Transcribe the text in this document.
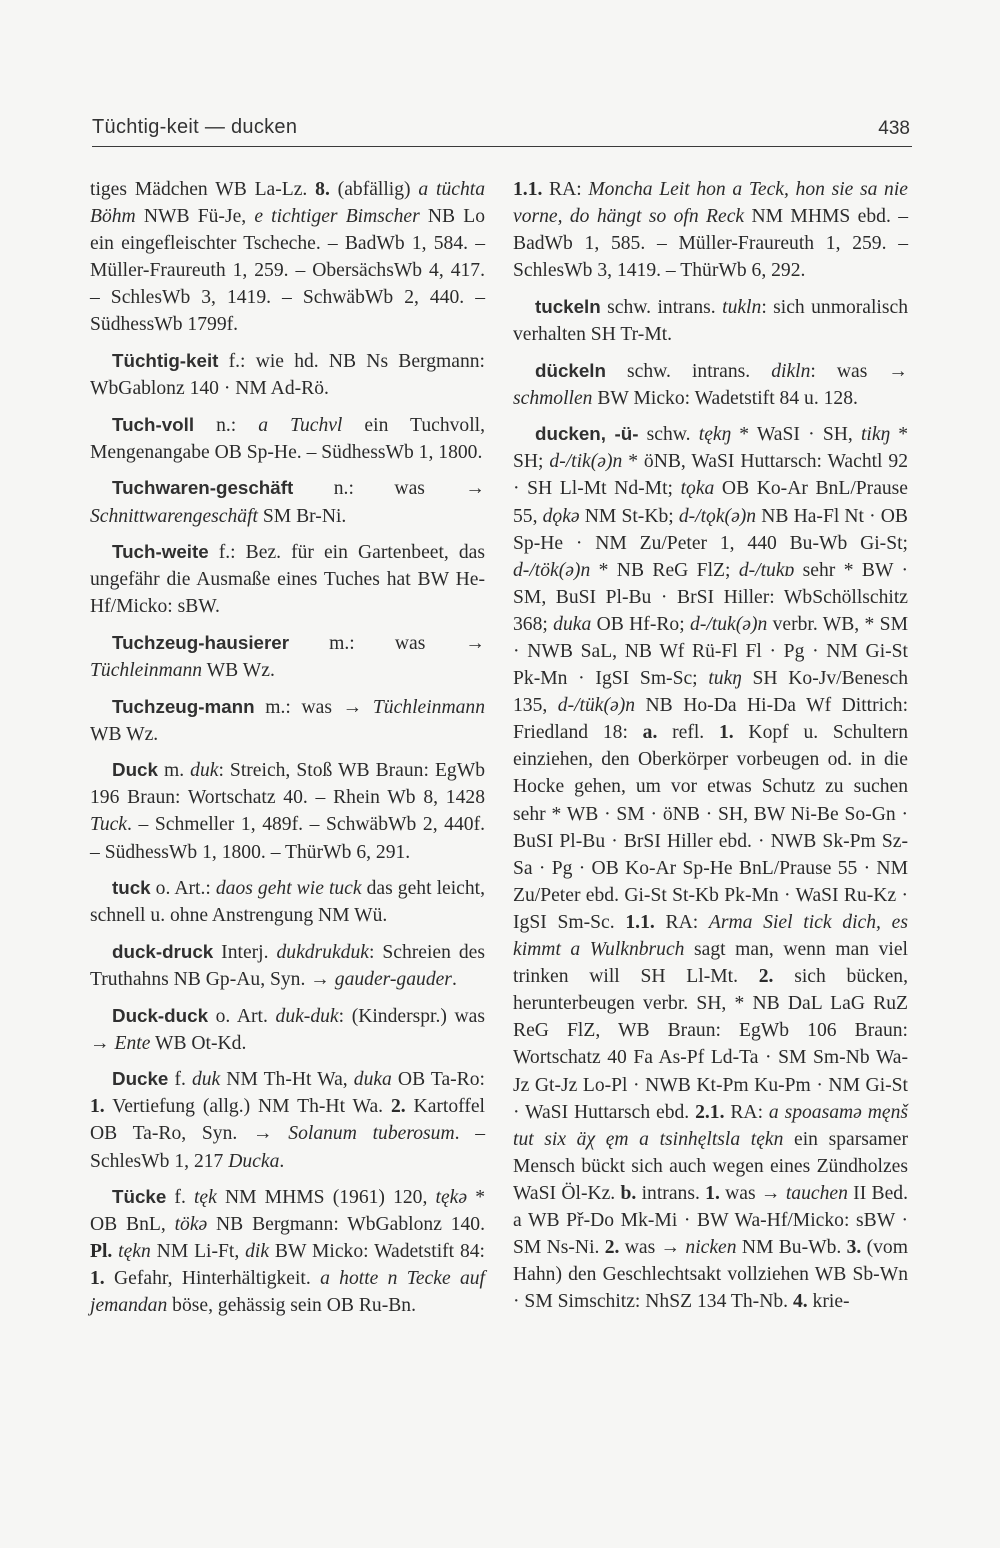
Tüchtig-keit — ducken	438

tiges Mädchen WB La-Lz. 8. (abfällig) a tüchta Böhm NWB Fü-Je, e tichtiger Bimscher NB Lo ein eingefleischter Tscheche. – BadWb 1, 584. – Müller-Fraureuth 1, 259. – ObersächsWb 4, 417. – SchlesWb 3, 1419. – SchwäbWb 2, 440. – SüdhessWb 1799f.

Tüchtig-keit f.: wie hd. NB Ns Bergmann: WbGablonz 140 · NM Ad-Rö.

Tuch-voll n.: a Tuchvl ein Tuchvoll, Mengenangabe OB Sp-He. – SüdhessWb 1, 1800.

Tuchwaren-geschäft n.: was → Schnittwarengeschäft SM Br-Ni.

Tuch-weite f.: Bez. für ein Gartenbeet, das ungefähr die Ausmaße eines Tuches hat BW He-Hf/Micko: sBW.

Tuchzeug-hausierer m.: was → Tüchleinmann WB Wz.

Tuchzeug-mann m.: was → Tüchleinmann WB Wz.

Duck m. duk: Streich, Stoß WB Braun: EgWb 196 Braun: Wortschatz 40. – Rhein Wb 8, 1428 Tuck. – Schmeller 1, 489f. – SchwäbWb 2, 440f. – SüdhessWb 1, 1800. – ThürWb 6, 291.

tuck o. Art.: daos geht wie tuck das geht leicht, schnell u. ohne Anstrengung NM Wü.

duck-druck Interj. dukdrukduk: Schreien des Truthahns NB Gp-Au, Syn. → gauder-gauder.

Duck-duck o. Art. duk-duk: (Kinderspr.) was → Ente WB Ot-Kd.

Ducke f. duk NM Th-Ht Wa, duka OB Ta-Ro: 1. Vertiefung (allg.) NM Th-Ht Wa. 2. Kartoffel OB Ta-Ro, Syn. → Solanum tuberosum. – SchlesWb 1, 217 Ducka.

Tücke f. tęk NM MHMS (1961) 120, tękə * OB BnL, tökə NB Bergmann: WbGablonz 140. Pl. tękn NM Li-Ft, dik BW Micko: Wadetstift 84: 1. Gefahr, Hinterhältigkeit. a hotte n Tecke auf jemandan böse, gehässig sein OB Ru-Bn.

1.1. RA: Moncha Leit hon a Teck, hon sie sa nie vorne, do hängt so ofn Reck NM MHMS ebd. – BadWb 1, 585. – Müller-Fraureuth 1, 259. – SchlesWb 3, 1419. – ThürWb 6, 292.

tuckeln schw. intrans. tukln: sich unmoralisch verhalten SH Tr-Mt.

dückeln schw. intrans. dikln: was → schmollen BW Micko: Wadetstift 84 u. 128.

ducken, -ü- schw. tękŋ * WaSI · SH, tikŋ * SH; d-/tik(ə)n * öNB, WaSI Huttarsch: Wachtl 92 · SH Ll-Mt Nd-Mt; tǫka OB Ko-Ar BnL/Prause 55, dǫkə NM St-Kb; d-/tǫk(ə)n NB Ha-Fl Nt · OB Sp-He · NM Zu/Peter 1, 440 Bu-Wb Gi-St; d-/tök(ə)n * NB ReG FlZ; d-/tukɒ sehr * BW · SM, BuSI Pl-Bu · BrSI Hiller: WbSchöllschitz 368; duka OB Hf-Ro; d-/tuk(ə)n verbr. WB, * SM · NWB SaL, NB Wf Rü-Fl Fl · Pg · NM Gi-St Pk-Mn · IgSI Sm-Sc; tukŋ SH Ko-Jv/Benesch 135, d-/tük(ə)n NB Ho-Da Hi-Da Wf Dittrich: Friedland 18: a. refl. 1. Kopf u. Schultern einziehen, den Oberkörper vorbeugen od. in die Hocke gehen, um vor etwas Schutz zu suchen sehr * WB · SM · öNB · SH, BW Ni-Be So-Gn · BuSI Pl-Bu · BrSI Hiller ebd. · NWB Sk-Pm Sz-Sa · Pg · OB Ko-Ar Sp-He BnL/Prause 55 · NM Zu/Peter ebd. Gi-St St-Kb Pk-Mn · WaSI Ru-Kz · IgSI Sm-Sc. 1.1. RA: Arma Siel tick dich, es kimmt a Wulknbruch sagt man, wenn man viel trinken will SH Ll-Mt. 2. sich bücken, herunterbeugen verbr. SH, * NB DaL LaG RuZ ReG FlZ, WB Braun: EgWb 106 Braun: Wortschatz 40 Fa As-Pf Ld-Ta · SM Sm-Nb Wa-Jz Gt-Jz Lo-Pl · NWB Kt-Pm Ku-Pm · NM Gi-St · WaSI Huttarsch ebd. 2.1. RA: a spoasamə męnš tut six äχ ęm a tsinhęltsla tękn ein sparsamer Mensch bückt sich auch wegen eines Zündholzes WaSI Öl-Kz. b. intrans. 1. was → tauchen II Bed. a WB Př-Do Mk-Mi · BW Wa-Hf/Micko: sBW · SM Ns-Ni. 2. was → nicken NM Bu-Wb. 3. (vom Hahn) den Geschlechtsakt vollziehen WB Sb-Wn · SM Simschitz: NhSZ 134 Th-Nb. 4. krie-
